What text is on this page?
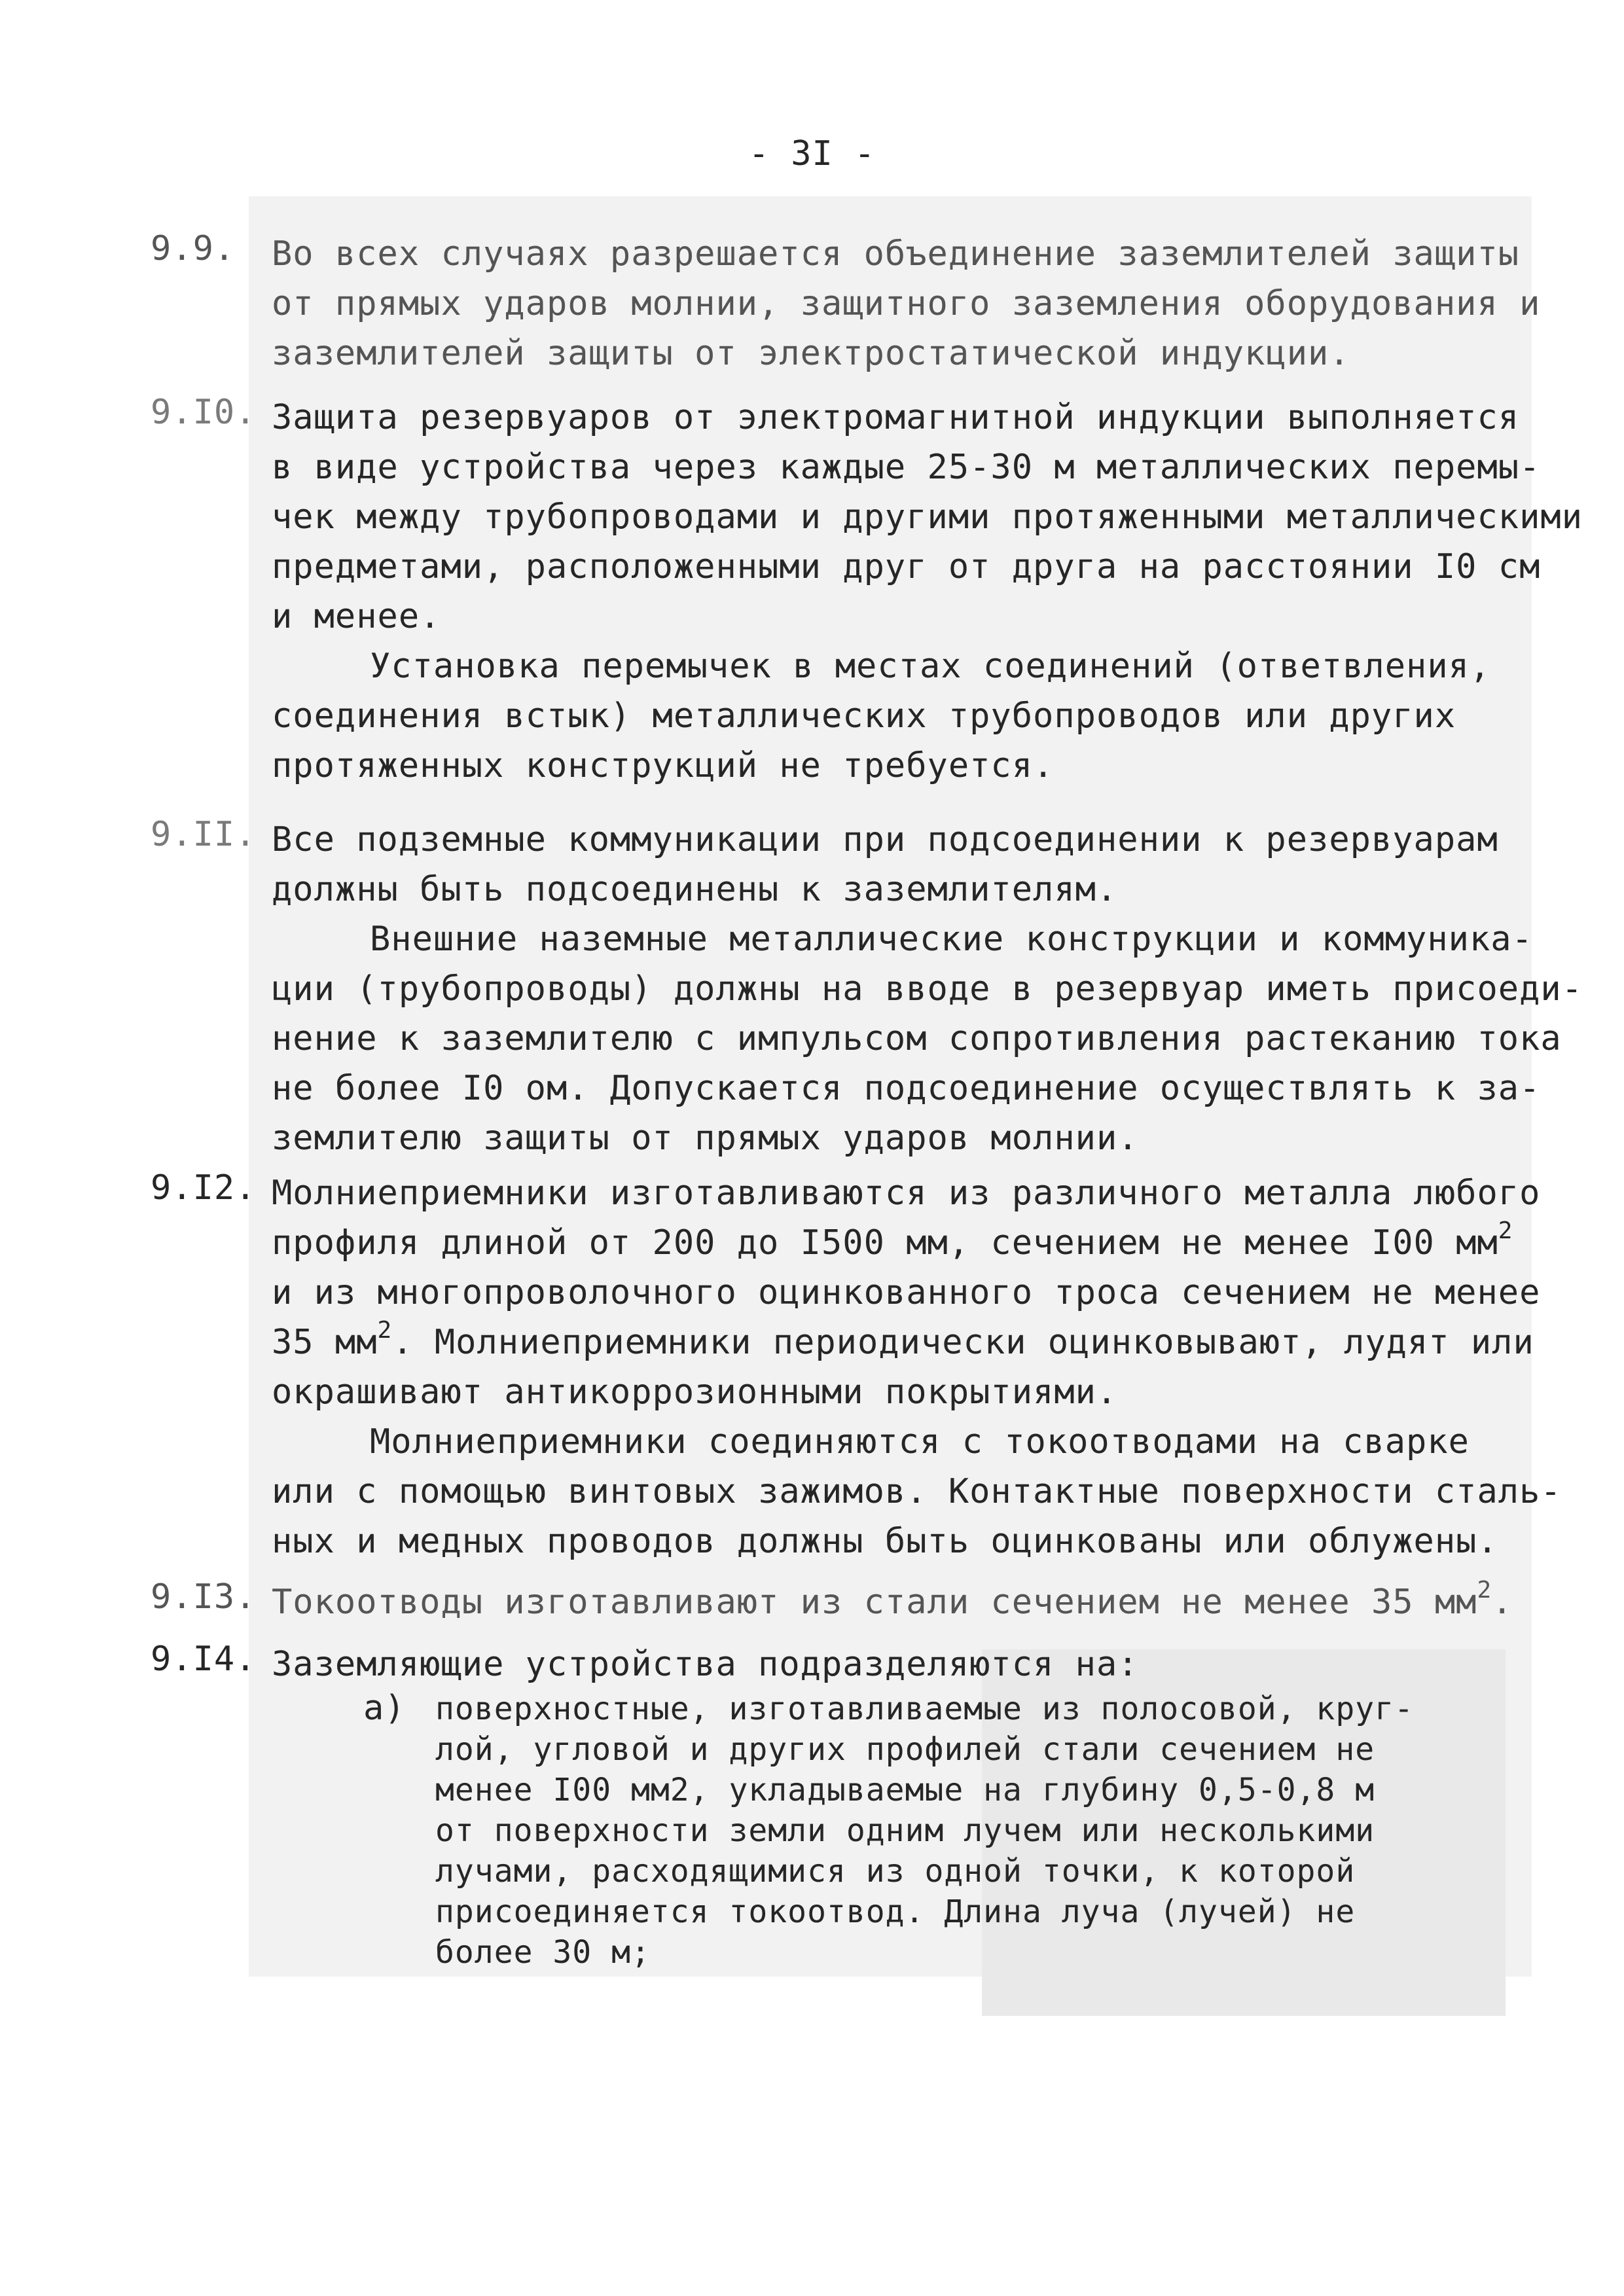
- 3I -
9.9.	Во всех случаях разрешается объединение заземлителей защиты
от прямых ударов молнии, защитного заземления оборудования и
заземлителей защиты от электростатической индукции.
9.I0. Защита резервуаров от электромагнитной индукции выполняется
в виде устройства через каждые 25-30 м металлических перемы-
чек между трубопроводами и другими протяженными металлическими
предметами, расположенными друг от друга на расстоянии I0 см
и менее.
Установка перемычек в местах соединений (ответвления,
соединения встык) металлических трубопроводов или других
протяженных конструкций не требуется.
9.II. Все подземные коммуникации при подсоединении к резервуарам
должны быть подсоединены к заземлителям.
Внешние наземные металлические конструкции и коммуника-
ции (трубопроводы) должны на вводе в резервуар иметь присоеди-
нение к заземлителю с импульсом сопротивления растеканию тока
не более I0 ом. Допускается подсоединение осуществлять к за-
землителю защиты от прямых ударов молнии.
9.I2. Молниеприемники изготавливаются из различного металла любого
профиля длиной от 200 до I500 мм, сечением не менее I00 $мм^2$
и из многопроволочного оцинкованного троса сечением не менее
35 $мм^2$. Молниеприемники периодически оцинковывают, лудят или
окрашивают антикоррозионными покрытиями.
Молниеприемники соединяются с токоотводами на сварке
или с помощью винтовых зажимов. Контактные поверхности сталь-
ных и медных проводов должны быть оцинкованы или облужены.
9.I3. Токоотводы изготавливают из стали сечением не менее 35 $мм^2$.
9.I4. Заземляющие устройства подразделяются на:
а) поверхностные, изготавливаемые из полосовой, круг-
лой, угловой и других профилей стали сечением не
менее I00 мм2, укладываемые на глубину 0,5-0,8 м
от поверхности земли одним лучем или несколькими
лучами, расходящимися из одной точки, к которой
присоединяется токоотвод. Длина луча (лучей) не
более 30 м;
